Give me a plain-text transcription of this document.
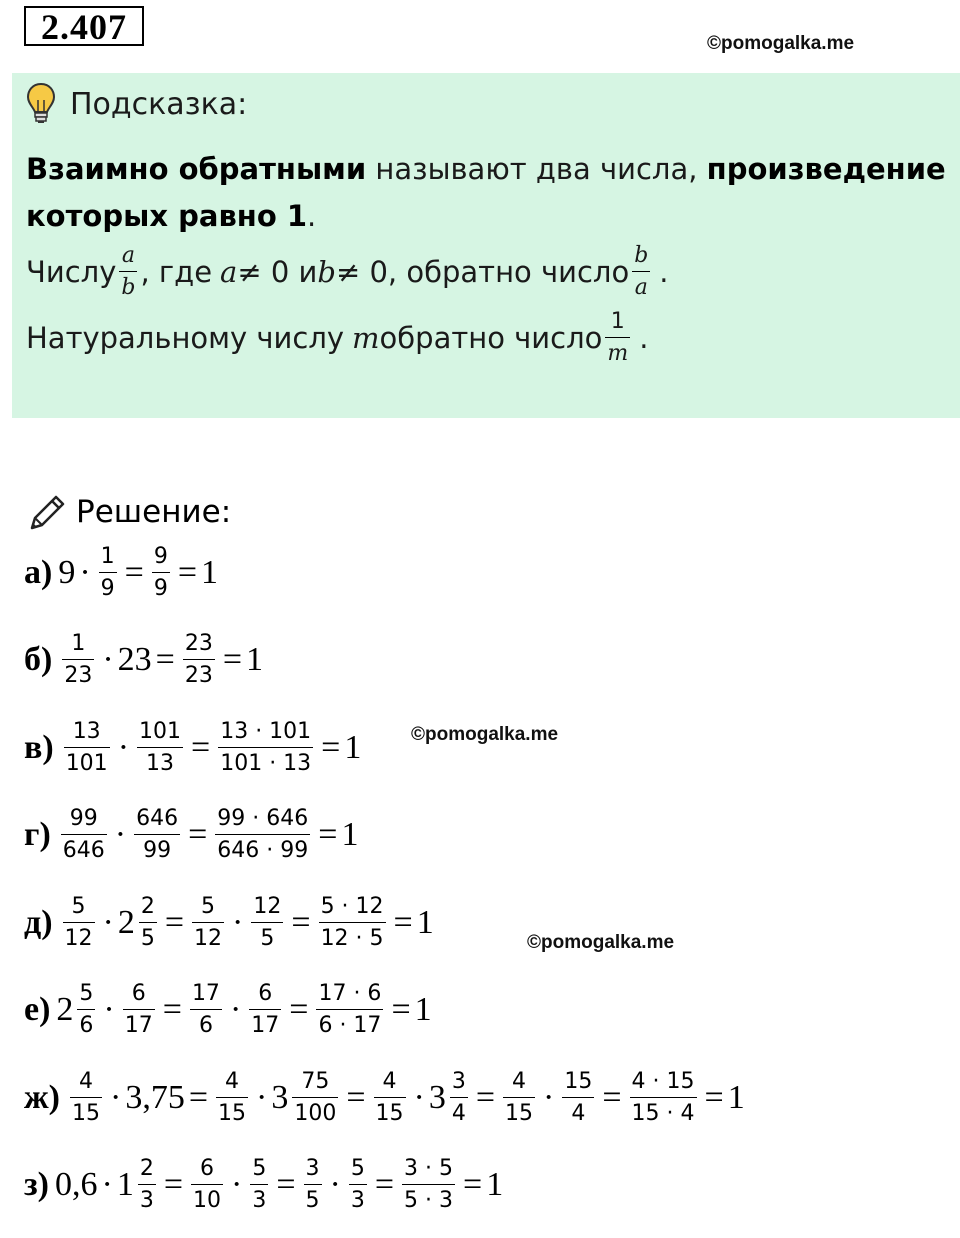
2.407	©pomogalka.me
Подсказка:
Взаимно обратными называют два числа, произведение
которых равно 1.
Числу $\frac{a}{b}$ , где a ≠ 0 и b ≠ 0, обратно число $\frac{b}{a}$ .
Натуральному числу m обратно число $\frac{1}{m}$ .
Решение:
а) $9 \cdot \frac{1}{9} = \frac{9}{9} = 1$
$б) \frac{1}{23} \cdot 23 = \frac{23}{23} = 1$
$в) \frac{13}{101} \cdot \frac{101}{13} = \frac{13 \cdot 101}{101 \cdot 13} = 1$	©pomogalka.me
$г) \frac{99}{646} \cdot \frac{646}{99} = \frac{99 \cdot 646}{646 \cdot 99} = 1$
$д) \frac{5}{12} \cdot 2 \frac{2}{5} = \frac{5}{12} \cdot \frac{12}{5} = \frac{5 \cdot 12}{12 \cdot 5} = 1$
©pomogalka.me
е) $2 \frac{5}{6} \cdot \frac{6}{17} = \frac{17}{6} \cdot \frac{6}{17} = \frac{17 \cdot 6}{6 \cdot 17} = 1$
$ж) \frac{4}{15} \cdot 3,75 = \frac{4}{15} \cdot 3 \frac{75}{100} = \frac{4}{15} \cdot 3 \frac{3}{4} = \frac{4}{15} \cdot \frac{15}{4} = \frac{4 \cdot 15}{15 \cdot 4} = 1$
з) $0,6 \cdot 1 \frac{2}{3} = \frac{6}{10} \cdot \frac{5}{3} = \frac{3}{5} \cdot \frac{5}{3} = \frac{3 \cdot 5}{5 \cdot 3} = 1$
